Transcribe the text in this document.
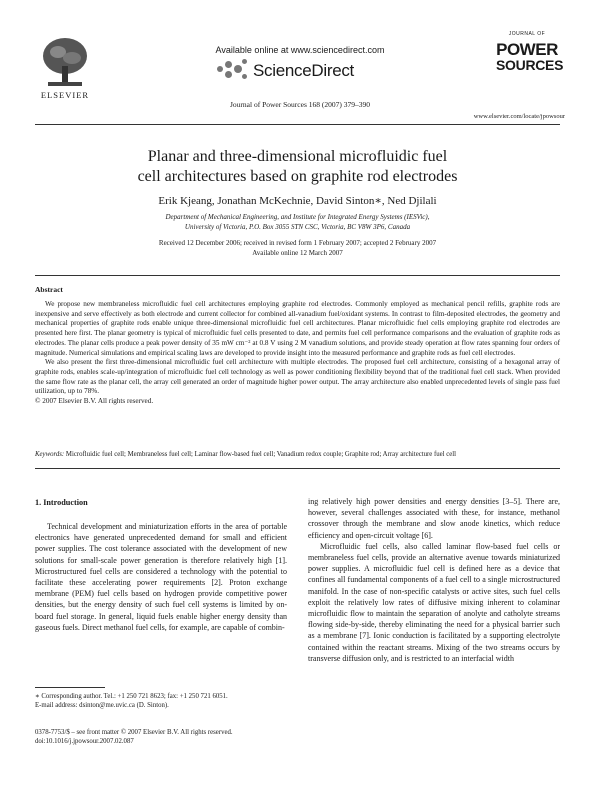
ELSEVIER
Available online at www.sciencedirect.com
ScienceDirect
Journal of Power Sources 168 (2007) 379–390
JOURNAL OF
POWER
SOURCES
www.elsevier.com/locate/jpowsour
Planar and three-dimensional microfluidic fuel
cell architectures based on graphite rod electrodes
Erik Kjeang, Jonathan McKechnie, David Sinton∗, Ned Djilali
Department of Mechanical Engineering, and Institute for Integrated Energy Systems (IESVic),
University of Victoria, P.O. Box 3055 STN CSC, Victoria, BC V8W 3P6, Canada
Received 12 December 2006; received in revised form 1 February 2007; accepted 2 February 2007
Available online 12 March 2007
Abstract

We propose new membraneless microfluidic fuel cell architectures employing graphite rod electrodes. Commonly employed as mechanical pencil refills, graphite rods are inexpensive and serve effectively as both electrode and current collector for combined all-vanadium fuel/oxidant systems. In contrast to film-deposited electrodes, the geometry and mechanical properties of graphite rods enable unique three-dimensional microfluidic fuel cell architectures. Planar microfluidic fuel cells employing graphite rod electrodes are presented here first. The planar geometry is typical of microfluidic fuel cells presented to date, and permits fuel cell performance comparisons and the evaluation of graphite rods as electrodes. The planar cells produce a peak power density of 35 mW cm⁻² at 0.8 V using 2 M vanadium solutions, and provide steady operation at flow rates spanning four orders of magnitude. Numerical simulations and empirical scaling laws are developed to provide insight into the measured performance and graphite rods as fuel cell electrodes.

We also present the first three-dimensional microfluidic fuel cell architecture with multiple electrodes. The proposed fuel cell architecture, consisting of a hexagonal array of graphite rods, enables scale-up/integration of microfluidic fuel cell technology as well as power conditioning flexibility beyond that of the traditional fuel cell stack. When provided the same flow rate as the planar cell, the array cell generated an order of magnitude higher power output. The array architecture also enabled unprecedented levels of single pass fuel utilization, up to 78%.

© 2007 Elsevier B.V. All rights reserved.

Keywords: Microfluidic fuel cell; Membraneless fuel cell; Laminar flow-based fuel cell; Vanadium redox couple; Graphite rod; Array architecture fuel cell
1. Introduction

Technical development and miniaturization efforts in the area of portable electronics have generated unprecedented demand for small and efficient power supplies. The cost tolerance associated with the development of new solutions for small-scale power generation is therefore relatively high [1]. Microstructured fuel cells are considered a technology with the potential to facilitate these accelerating power requirements [2]. Proton exchange membrane (PEM) fuel cells based on hydrogen provide competitive power densities, but the energy density of such fuel cell systems is limited by on-board fuel storage. In general, liquid fuels enable higher energy density than gaseous fuels. Direct methanol fuel cells, for example, are capable of combin-

ing relatively high power densities and energy densities [3–5]. There are, however, several challenges associated with these, for instance, methanol crossover through the membrane and slow anode kinetics, which reduce efficiency and open-circuit voltage [6].

Microfluidic fuel cells, also called laminar flow-based fuel cells or membraneless fuel cells, provide an alternative avenue towards miniaturized power supplies. A microfluidic fuel cell is defined here as a device that confines all fundamental components of a fuel cell to a single microstructured manifold. In the case of non-specific catalysts or active sites, such fuel cells exploit the relatively low rates of diffusive mixing inherent to colaminar microfluidic flow to maintain the separation of anolyte and catholyte streams flowing side-by-side, thereby eliminating the need for a physical barrier such as a membrane [7]. Ionic conduction is facilitated by a supporting electrolyte contained within the reactant streams. Mixing of the two streams occurs by transverse diffusion only, and is restricted to an interfacial width

∗ Corresponding author. Tel.: +1 250 721 8623; fax: +1 250 721 6051.
E-mail address: dsinton@me.uvic.ca (D. Sinton).
0378-7753/$ – see front matter © 2007 Elsevier B.V. All rights reserved.
doi:10.1016/j.jpowsour.2007.02.087
